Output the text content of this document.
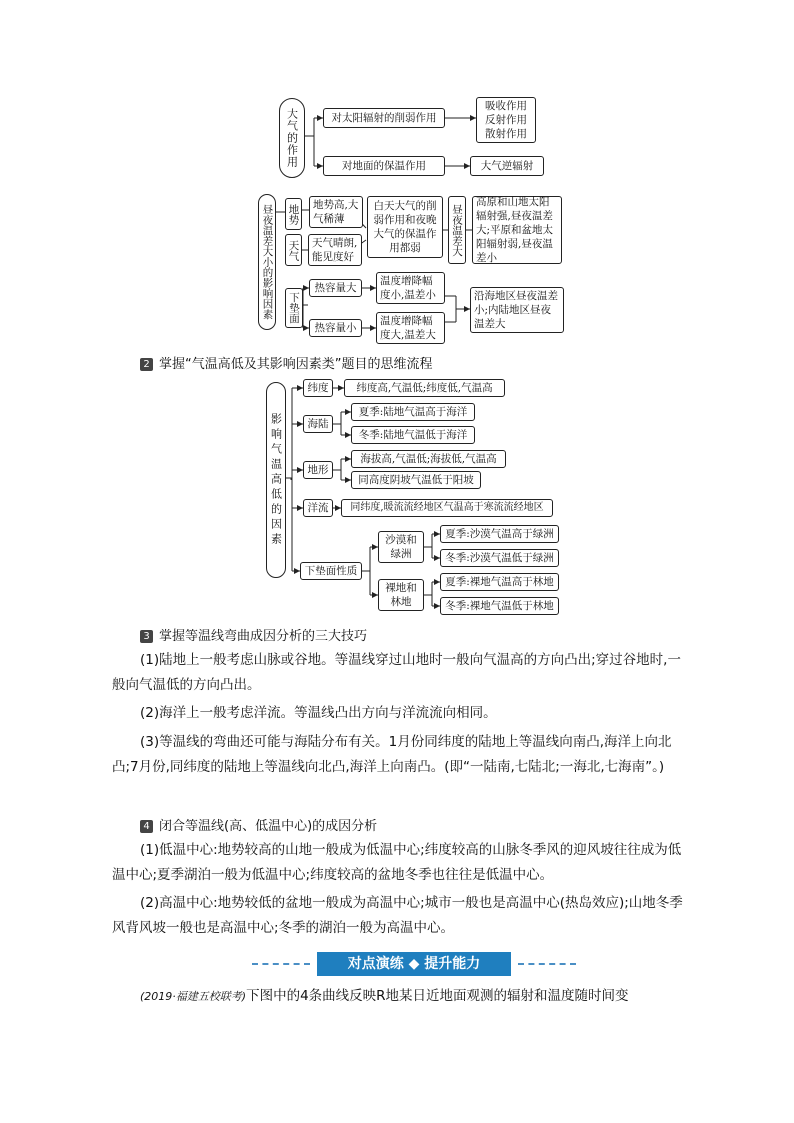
大气的作用	对太阳辐射的削弱作用
吸收作用
反射作用
散射作用
对地面的保温作用	大气逆辐射
昼夜温差大小的影响因素 地势	地势高,大气稀薄
天气	天气晴朗,能见度好
白天大气的削弱作用和夜晚大气的保温作用都弱	昼夜温差大
高原和山地太阳辐射强,昼夜温差大;平原和盆地太阳辐射弱,昼夜温差小
下垫面
热容量大
热容量小
温度增降幅度小,温差小
温度增降幅度大,温差大
沿海地区昼夜温差小;内陆地区昼夜温差大
2 掌握“气温高低及其影响因素类”题目的思维流程
影响气温高低的因素
纬度	纬度高,气温低;纬度低,气温高
海陆
夏季:陆地气温高于海洋
冬季:陆地气温低于海洋
地形
海拔高,气温低;海拔低,气温高
同高度阴坡气温低于阳坡
洋流	同纬度,暖流流经地区气温高于寒流流经地区
下垫面性质
沙漠和绿洲
夏季:沙漠气温高于绿洲
冬季:沙漠气温低于绿洲
裸地和林地
夏季:裸地气温高于林地
冬季:裸地气温低于林地
3 掌握等温线弯曲成因分析的三大技巧
(1)陆地上一般考虑山脉或谷地。等温线穿过山地时一般向气温高的方向凸出;穿过谷地时,一般向气温低的方向凸出。
(2)海洋上一般考虑洋流。等温线凸出方向与洋流流向相同。
(3)等温线的弯曲还可能与海陆分布有关。1月份同纬度的陆地上等温线向南凸,海洋上向北凸;7月份,同纬度的陆地上等温线向北凸,海洋上向南凸。(即“一陆南,七陆北;一海北,七海南”。)
4 闭合等温线(高、低温中心)的成因分析
(1)低温中心:地势较高的山地一般成为低温中心;纬度较高的山脉冬季风的迎风坡往往成为低温中心;夏季湖泊一般为低温中心;纬度较高的盆地冬季也往往是低温中心。
(2)高温中心:地势较低的盆地一般成为高温中心;城市一般也是高温中心(热岛效应);山地冬季风背风坡一般也是高温中心;冬季的湖泊一般为高温中心。
对点演练 ◆ 提升能力
(2019·福建五校联考)下图中的4条曲线反映R地某日近地面观测的辐射和温度随时间变
